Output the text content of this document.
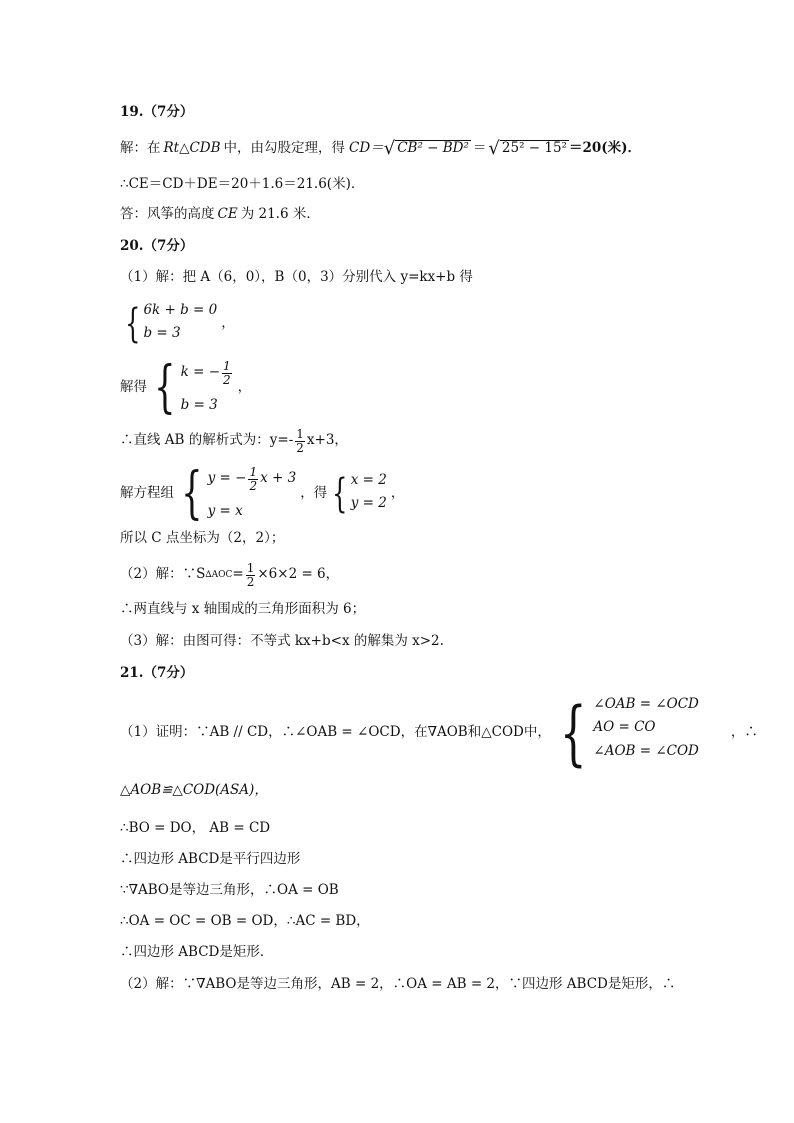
19.（7分）
解：在 Rt△CDB 中，由勾股定理，得 CD＝ √ CB² − BD² ＝ √ 25² − 15² ＝20(米)．
∴CE＝CD＋DE＝20＋1.6＝21.6(米)．
答：风筝的高度 CE 为 21.6 米．
20.（7分）
（1）解：把 A（6，0），B（0，3）分别代入 y=kx+b 得
{ 6k + b = 0
b = 3
，
解得 { k = − $\frac{1}{2}$
b = 3
，
∴直线 AB 的解析式为：$y=- \frac{1}{2} x+3$，
解方程组 { y = − $\frac{1}{2}$ x + 3
y = x
，得 { x = 2
y = 2
，
所以 C 点坐标为（2，2）；
（2）解：∵S $\Delta AOC = \frac{1}{2} \times 6\times 2 = 6$，
∴两直线与 x 轴围成的三角形面积为 6；
（3）解：由图可得：不等式 kx+b<x 的解集为 x>2.
21.（7分）
（1）证明：∵AB // CD，∴∠OAB = ∠OCD，在∇AOB和△COD中， { ∠OAB = ∠OCD
AO = CO
∠AOB = ∠COD
，∴
△AOB≌△COD(ASA)，
∴BO = DO， AB = CD
∴四边形 ABCD是平行四边形
∵∇ABO是等边三角形，∴OA = OB
∴OA = OC = OB = OD，∴AC = BD，
∴四边形 ABCD是矩形．
（2）解：∵∇ABO是等边三角形，AB = 2，∴OA = AB = 2，∵四边形 ABCD是矩形，∴
